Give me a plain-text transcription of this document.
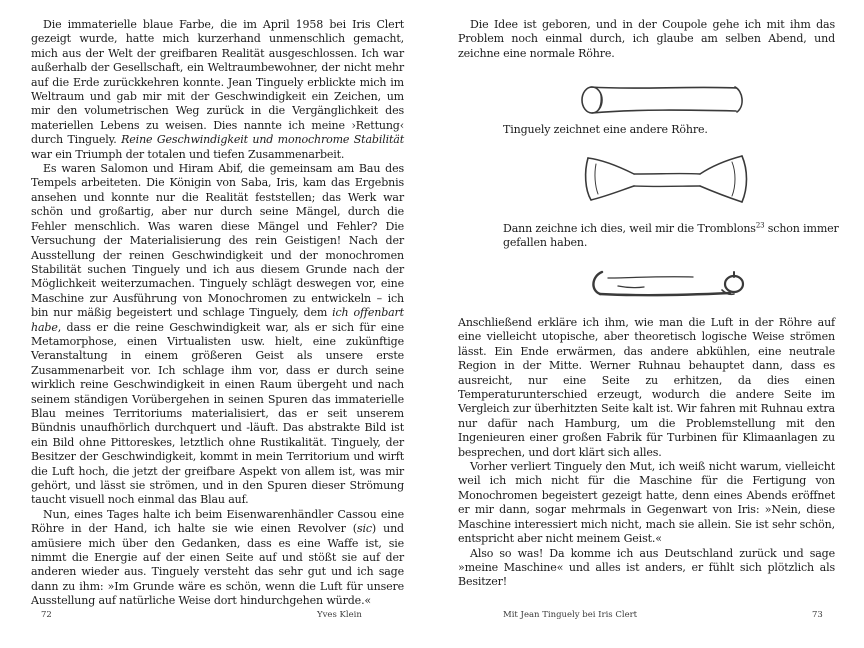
Die immaterielle blaue Farbe, die im April 1958 bei Iris Clert gezeigt wurde, hatte mich kurzerhand unmenschlich gemacht, mich aus der Welt der greifbaren Realität ausgeschlossen. Ich war außerhalb der Gesellschaft, ein Weltraumbewohner, der nicht mehr auf die Erde zurückkehren konnte. Jean Tinguely erblickte mich im Weltraum und gab mir mit der Geschwindigkeit ein Zeichen, um mir den volumetrischen Weg zurück in die Vergänglichkeit des materiellen Lebens zu weisen. Dies nannte ich meine ›Rettung‹ durch Tinguely. Reine Geschwindigkeit und monochrome Stabilität war ein Triumph der totalen und tiefen Zusammenarbeit.

Es waren Salomon und Hiram Abif, die gemeinsam am Bau des Tempels arbeiteten. Die Königin von Saba, Iris, kam das Ergebnis ansehen und konnte nur die Realität feststellen; das Werk war schön und großartig, aber nur durch seine Mängel, durch die Fehler menschlich. Was waren diese Mängel und Fehler? Die Versuchung der Materialisierung des rein Geistigen! Nach der Ausstellung der reinen Geschwindigkeit und der monochromen Stabilität suchen Tinguely und ich aus diesem Grunde nach der Möglichkeit weiterzumachen. Tinguely schlägt deswegen vor, eine Maschine zur Ausführung von Monochromen zu entwickeln – ich bin nur mäßig begeistert und schlage Tinguely, dem ich offenbart habe, dass er die reine Geschwindigkeit war, als er sich für eine Metamorphose, einen Virtualisten usw. hielt, eine zukünftige Veranstaltung in einem größeren Geist als unsere erste Zusammenarbeit vor. Ich schlage ihm vor, dass er durch seine wirklich reine Geschwindigkeit in einen Raum übergeht und nach seinem ständigen Vorübergehen in seinen Spuren das immaterielle Blau meines Territoriums materialisiert, das er seit unserem Bündnis unaufhörlich durchquert und -läuft. Das abstrakte Bild ist ein Bild ohne Pittoreskes, letztlich ohne Rustikalität. Tinguely, der Besitzer der Geschwindigkeit, kommt in mein Territorium und wirft die Luft hoch, die jetzt der greifbare Aspekt von allem ist, was mir gehört, und lässt sie strömen, und in den Spuren dieser Strömung taucht visuell noch einmal das Blau auf.

Nun, eines Tages halte ich beim Eisenwarenhändler Cassou eine Röhre in der Hand, ich halte sie wie einen Revolver (sic) und amüsiere mich über den Gedanken, dass es eine Waffe ist, sie nimmt die Energie auf der einen Seite auf und stößt sie auf der anderen wieder aus. Tinguely versteht das sehr gut und ich sage dann zu ihm: »Im Grunde wäre es schön, wenn die Luft für unsere Ausstellung auf natürliche Weise dort hindurchgehen würde.«

72	Yves Klein

Die Idee ist geboren, und in der Coupole gehe ich mit ihm das Problem noch einmal durch, ich glaube am selben Abend, und zeichne eine normale Röhre.

Tinguely zeichnet eine andere Röhre.
Dann zeichne ich dies, weil mir die Tromblons$^{23}$ schon immer gefallen haben.

Anschließend erkläre ich ihm, wie man die Luft in der Röhre auf eine vielleicht utopische, aber theoretisch logische Weise strömen lässt. Ein Ende erwärmen, das andere abkühlen, eine neutrale Region in der Mitte. Werner Ruhnau behauptet dann, dass es ausreicht, nur eine Seite zu erhitzen, da dies einen Temperaturunterschied erzeugt, wodurch die andere Seite im Vergleich zur überhitzten Seite kalt ist. Wir fahren mit Ruhnau extra nur dafür nach Hamburg, um die Problemstellung mit den Ingenieuren einer großen Fabrik für Turbinen für Klimaanlagen zu besprechen, und dort klärt sich alles.

Vorher verliert Tinguely den Mut, ich weiß nicht warum, vielleicht weil ich mich nicht für die Maschine für die Fertigung von Monochromen begeistert gezeigt hatte, denn eines Abends eröffnet er mir dann, sogar mehrmals in Gegenwart von Iris: »Nein, diese Maschine interessiert mich nicht, mach sie allein. Sie ist sehr schön, entspricht aber nicht meinem Geist.«

Also so was! Da komme ich aus Deutschland zurück und sage »meine Maschine« und alles ist anders, er fühlt sich plötzlich als Besitzer!

Mit Jean Tinguely bei Iris Clert	73
